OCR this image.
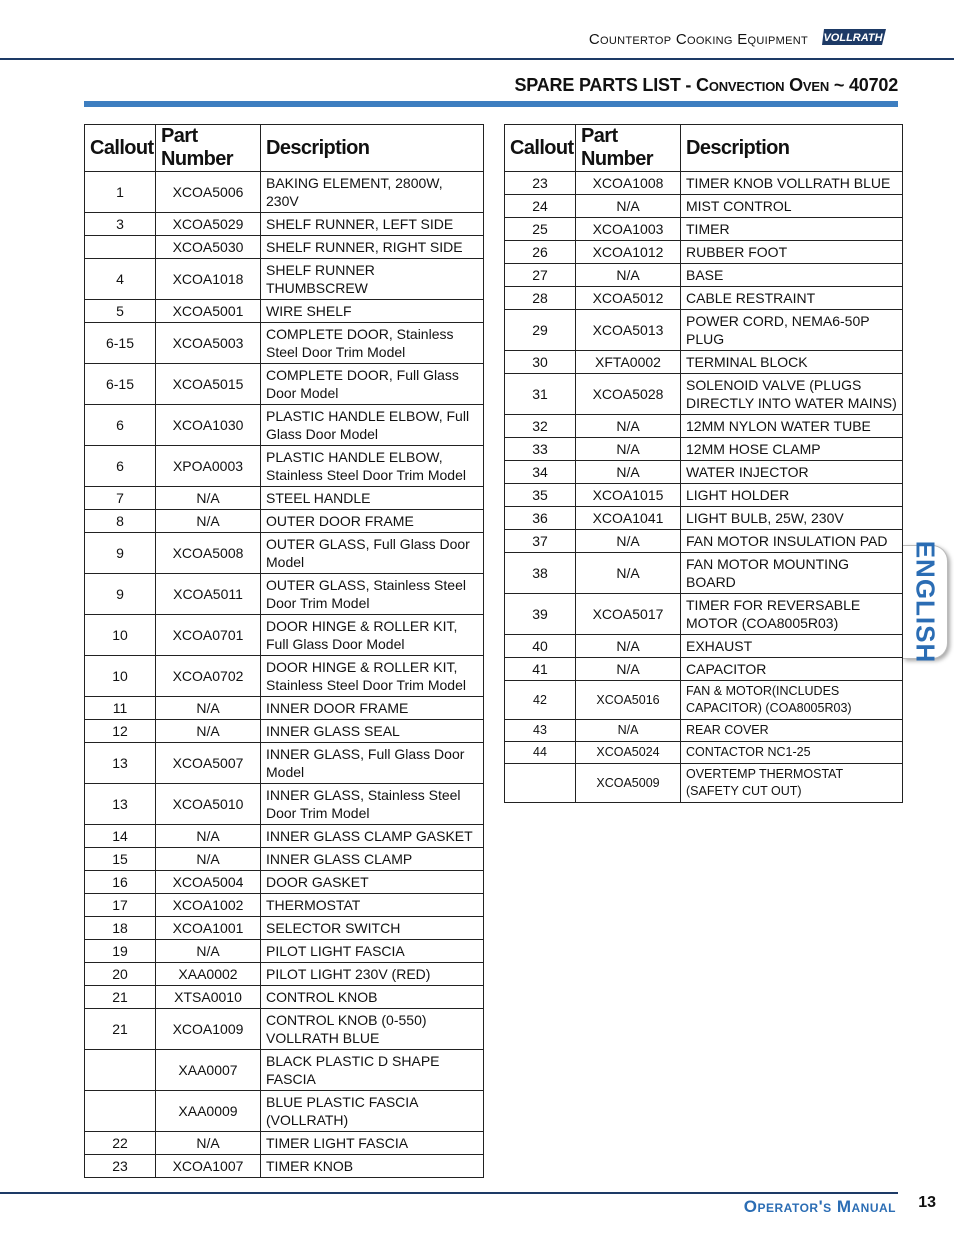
Countertop Cooking Equipment VOLLRATH
SPARE PARTS LIST - Convection Oven ~ 40702
Callout	Part Number	Description
1	XCOA5006	BAKING ELEMENT, 2800W, 230V
3	XCOA5029	SHELF RUNNER, LEFT SIDE
	XCOA5030	SHELF RUNNER, RIGHT SIDE
4	XCOA1018	SHELF RUNNER THUMBSCREW
5	XCOA5001	WIRE SHELF
6-15	XCOA5003	COMPLETE DOOR, Stainless Steel Door Trim Model
6-15	XCOA5015	COMPLETE DOOR, Full Glass Door Model
6	XCOA1030	PLASTIC HANDLE ELBOW, Full Glass Door Model
6	XPOA0003	PLASTIC HANDLE ELBOW, Stainless Steel Door Trim Model
7	N/A	STEEL HANDLE
8	N/A	OUTER DOOR FRAME
9	XCOA5008	OUTER GLASS, Full Glass Door Model
9	XCOA5011	OUTER GLASS, Stainless Steel Door Trim Model
10	XCOA0701	DOOR HINGE & ROLLER KIT, Full Glass Door Model
10	XCOA0702	DOOR HINGE & ROLLER KIT, Stainless Steel Door Trim Model
11	N/A	INNER DOOR FRAME
12	N/A	INNER GLASS SEAL
13	XCOA5007	INNER GLASS, Full Glass Door Model
13	XCOA5010	INNER GLASS, Stainless Steel Door Trim Model
14	N/A	INNER GLASS CLAMP GASKET
15	N/A	INNER GLASS CLAMP
16	XCOA5004	DOOR GASKET
17	XCOA1002	THERMOSTAT
18	XCOA1001	SELECTOR SWITCH
19	N/A	PILOT LIGHT FASCIA
20	XAA0002	PILOT LIGHT 230V (RED)
21	XTSA0010	CONTROL KNOB
21	XCOA1009	CONTROL KNOB (0-550) VOLLRATH BLUE
	XAA0007	BLACK PLASTIC D SHAPE FASCIA
	XAA0009	BLUE PLASTIC FASCIA (VOLLRATH)
22	N/A	TIMER LIGHT FASCIA
23	XCOA1007	TIMER KNOB
Callout	Part Number	Description
23	XCOA1008	TIMER KNOB VOLLRATH BLUE
24	N/A	MIST CONTROL
25	XCOA1003	TIMER
26	XCOA1012	RUBBER FOOT
27	N/A	BASE
28	XCOA5012	CABLE RESTRAINT
29	XCOA5013	POWER CORD, NEMA6-50P PLUG
30	XFTA0002	TERMINAL BLOCK
31	XCOA5028	SOLENOID VALVE (PLUGS DIRECTLY INTO WATER MAINS)
32	N/A	12MM NYLON WATER TUBE
33	N/A	12MM HOSE CLAMP
34	N/A	WATER INJECTOR
35	XCOA1015	LIGHT HOLDER
36	XCOA1041	LIGHT BULB, 25W, 230V
37	N/A	FAN MOTOR INSULATION PAD
38	N/A	FAN MOTOR MOUNTING BOARD
39	XCOA5017	TIMER FOR REVERSABLE MOTOR (COA8005R03)
40	N/A	EXHAUST
41	N/A	CAPACITOR
42	XCOA5016	FAN & MOTOR(INCLUDES CAPACITOR) (COA8005R03)
43	N/A	REAR COVER
44	XCOA5024	CONTACTOR NC1-25
	XCOA5009	OVERTEMP THERMOSTAT (SAFETY CUT OUT)
ENGLISH
Operator's Manual 13
